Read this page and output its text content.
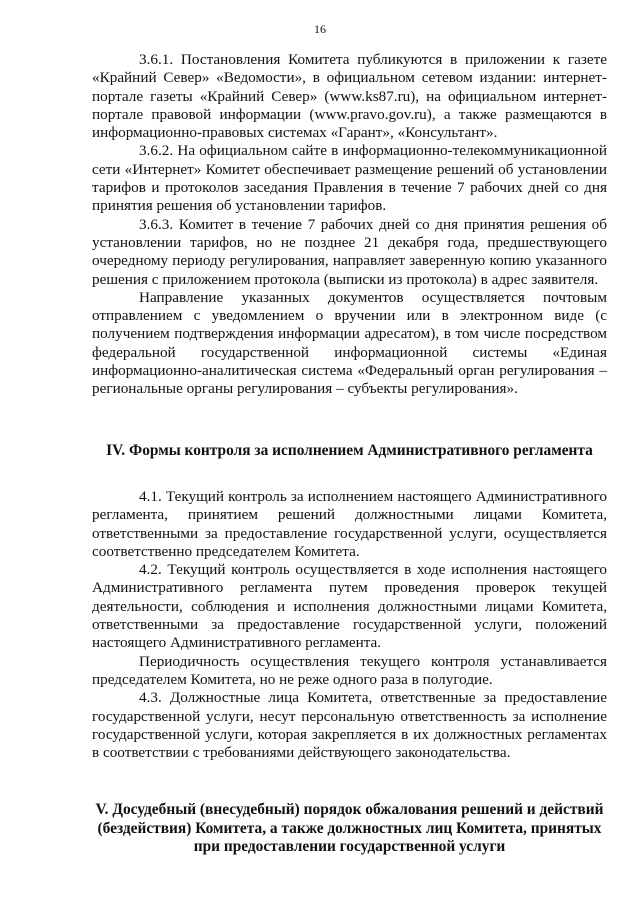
16

3.6.1. Постановления Комитета публикуются в приложении к газете «Крайний Север» «Ведомости», в официальном сетевом издании: интернет-портале газеты «Крайний Север» (www.ks87.ru), на официальном интернет-портале правовой информации (www.pravo.gov.ru), а также размещаются в информационно-правовых системах «Гарант», «Консультант».

3.6.2. На официальном сайте в информационно-телекоммуникационной сети «Интернет» Комитет обеспечивает размещение решений об установлении тарифов и протоколов заседания Правления в течение 7 рабочих дней со дня принятия решения об установлении тарифов.

3.6.3. Комитет в течение 7 рабочих дней со дня принятия решения об установлении тарифов, но не позднее 21 декабря года, предшествующего очередному периоду регулирования, направляет заверенную копию указанного решения с приложением протокола (выписки из протокола) в адрес заявителя.

Направление указанных документов осуществляется почтовым отправлением с уведомлением о вручении или в электронном виде (с получением подтверждения информации адресатом), в том числе посредством федеральной государственной информационной системы «Единая информационно-аналитическая система «Федеральный орган регулирования – региональные органы регулирования – субъекты регулирования».

IV. Формы контроля за исполнением Административного регламента

4.1. Текущий контроль за исполнением настоящего Административного регламента, принятием решений должностными лицами Комитета, ответственными за предоставление государственной услуги, осуществляется соответственно председателем Комитета.

4.2. Текущий контроль осуществляется в ходе исполнения настоящего Административного регламента путем проведения проверок текущей деятельности, соблюдения и исполнения должностными лицами Комитета, ответственными за предоставление государственной услуги, положений настоящего Административного регламента.

Периодичность осуществления текущего контроля устанавливается председателем Комитета, но не реже одного раза в полугодие.

4.3. Должностные лица Комитета, ответственные за предоставление государственной услуги, несут персональную ответственность за исполнение государственной услуги, которая закрепляется в их должностных регламентах в соответствии с требованиями действующего законодательства.

V. Досудебный (внесудебный) порядок обжалования решений и действий
(бездействия) Комитета, а также должностных лиц Комитета, принятых
при предоставлении государственной услуги
